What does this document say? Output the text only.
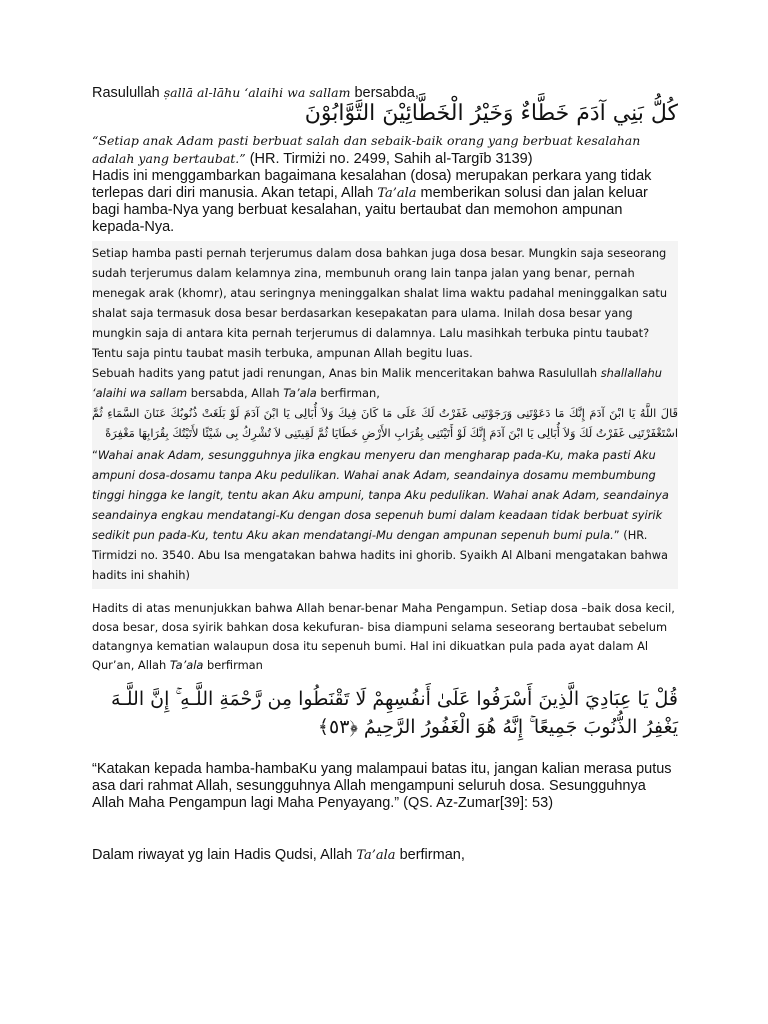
Rasulullah ṣallā al-lāhu ‘alaihi wa sallam bersabda,

كُلُّ بَنِي آدَمَ خَطَّاءٌ وَخَيْرُ الْخَطَّائِيْنَ التَّوَّابُوْنَ

“Setiap anak Adam pasti berbuat salah dan sebaik-baik orang yang berbuat kesalahan adalah yang bertaubat.” (HR. Tirmiżi no. 2499, Sahih al-Targīb 3139)

Hadis ini menggambarkan bagaimana kesalahan (dosa) merupakan perkara yang tidak terlepas dari diri manusia. Akan tetapi, Allah Ta’ala memberikan solusi dan jalan keluar bagi hamba-Nya yang berbuat kesalahan, yaitu bertaubat dan memohon ampunan kepada-Nya.

Setiap hamba pasti pernah terjerumus dalam dosa bahkan juga dosa besar. Mungkin saja seseorang sudah terjerumus dalam kelamnya zina, membunuh orang lain tanpa jalan yang benar, pernah menegak arak (khomr), atau seringnya meninggalkan shalat lima waktu padahal meninggalkan satu shalat saja termasuk dosa besar berdasarkan kesepakatan para ulama. Inilah dosa besar yang mungkin saja di antara kita pernah terjerumus di dalamnya. Lalu masihkah terbuka pintu taubat? Tentu saja pintu taubat masih terbuka, ampunan Allah begitu luas.

Sebuah hadits yang patut jadi renungan, Anas bin Malik menceritakan bahwa Rasulullah shallallahu ‘alaihi wa sallam bersabda, Allah Ta’ala berfirman,

قَالَ اللَّهُ يَا ابْنَ آدَمَ إِنَّكَ مَا دَعَوْتَنِى وَرَجَوْتَنِى غَفَرْتُ لَكَ عَلَى مَا كَانَ فِيكَ وَلاَ أُبَالِى يَا ابْنَ آدَمَ لَوْ بَلَغَتْ ذُنُوبُكَ عَنَانَ السَّمَاءِ ثُمَّ اسْتَغْفَرْتَنِى غَفَرْتُ لَكَ وَلاَ أُبَالِى يَا ابْنَ آدَمَ إِنَّكَ لَوْ أَتَيْتَنِى بِقُرَابِ الأَرْضِ خَطَايَا ثُمَّ لَقِيتَنِى لاَ تُشْرِكُ بِى شَيْئًا لأَتَيْتُكَ بِقُرَابِهَا مَغْفِرَةً

“Wahai anak Adam, sesungguhnya jika engkau menyeru dan mengharap pada-Ku, maka pasti Aku ampuni dosa-dosamu tanpa Aku pedulikan. Wahai anak Adam, seandainya dosamu membumbung tinggi hingga ke langit, tentu akan Aku ampuni, tanpa Aku pedulikan. Wahai anak Adam, seandainya seandainya engkau mendatangi-Ku dengan dosa sepenuh bumi dalam keadaan tidak berbuat syirik sedikit pun pada-Ku, tentu Aku akan mendatangi-Mu dengan ampunan sepenuh bumi pula.” (HR. Tirmidzi no. 3540. Abu Isa mengatakan bahwa hadits ini ghorib. Syaikh Al Albani mengatakan bahwa hadits ini shahih)

Hadits di atas menunjukkan bahwa Allah benar-benar Maha Pengampun. Setiap dosa –baik dosa kecil, dosa besar, dosa syirik bahkan dosa kekufuran- bisa diampuni selama seseorang bertaubat sebelum datangnya kematian walaupun dosa itu sepenuh bumi. Hal ini dikuatkan pula pada ayat dalam Al Qur’an, Allah Ta’ala berfirman

قُلْ يَا عِبَادِيَ الَّذِينَ أَسْرَفُوا عَلَىٰ أَنفُسِهِمْ لَا تَقْنَطُوا مِن رَّحْمَةِ اللَّـهِ ۚ إِنَّ اللَّـهَ يَغْفِرُ الذُّنُوبَ جَمِيعًا ۚ إِنَّهُ هُوَ الْغَفُورُ الرَّحِيمُ ﴿٥٣﴾

“Katakan kepada hamba-hambaKu yang malampaui batas itu, jangan kalian merasa putus asa dari rahmat Allah, sesungguhnya Allah mengampuni seluruh dosa. Sesungguhnya Allah Maha Pengampun lagi Maha Penyayang.” (QS. Az-Zumar[39]: 53)

Dalam riwayat yg lain Hadis Qudsi, Allah Ta’ala berfirman,
